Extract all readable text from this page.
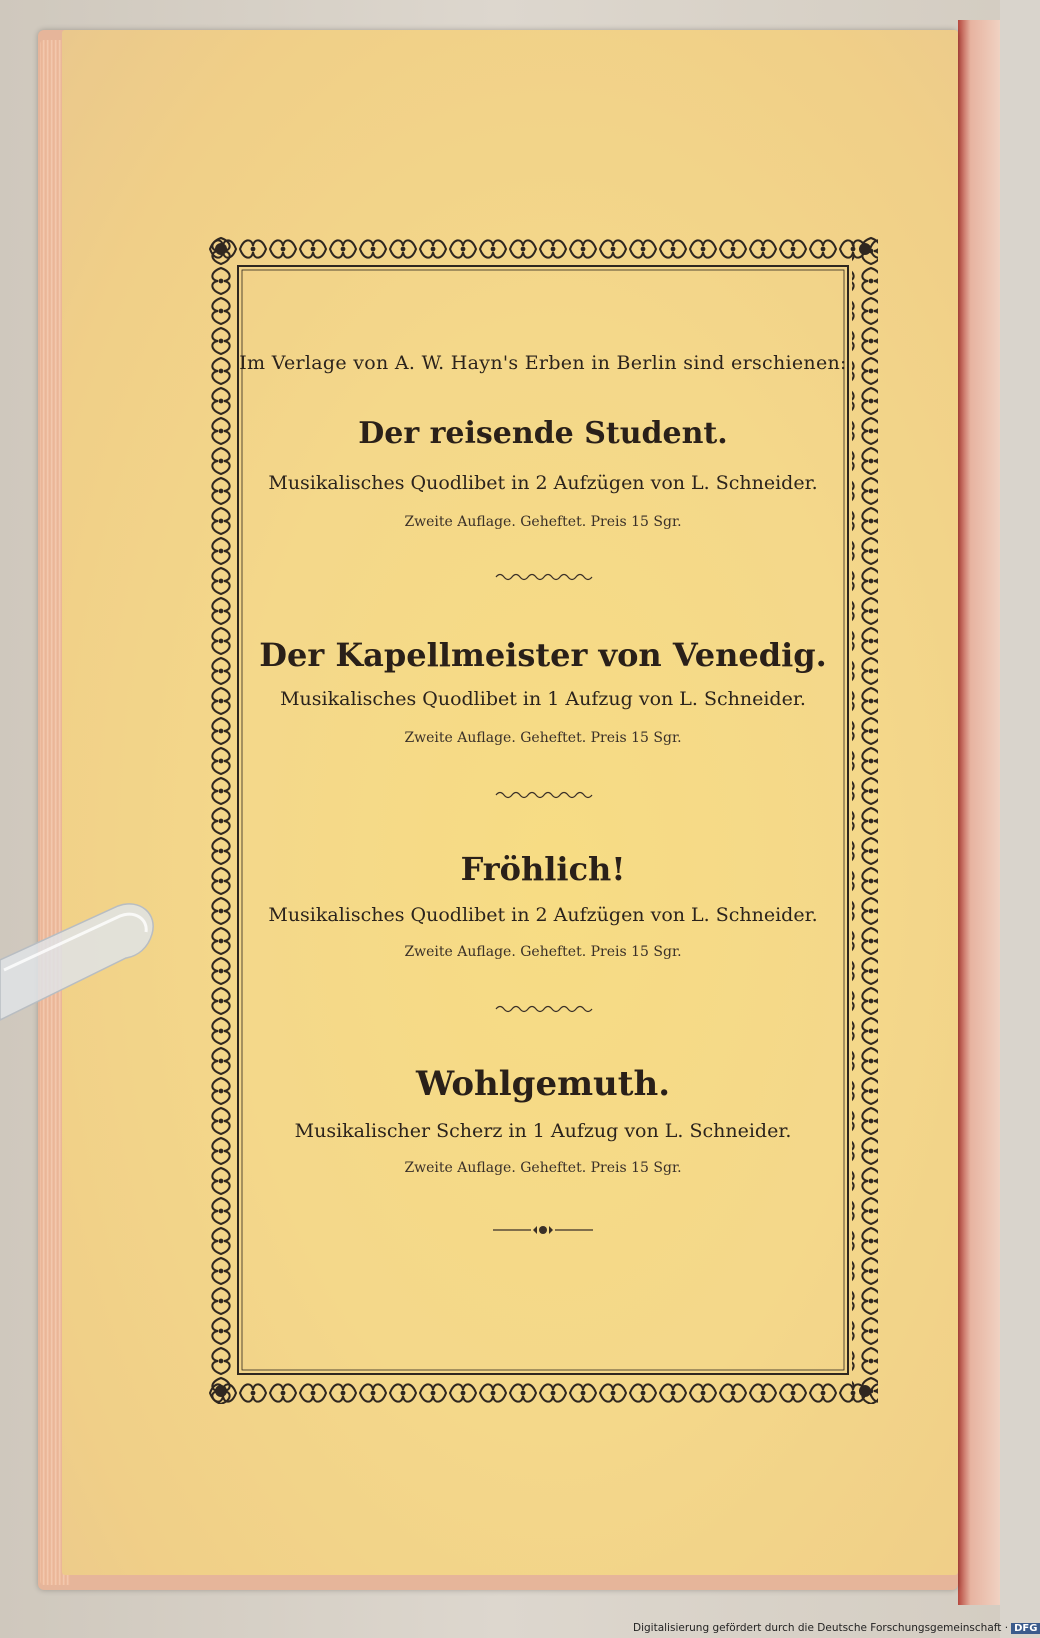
Im Verlage von A. W. Hayn's Erben in Berlin sind erschienen:
Der reisende Student.
Musikalisches Quodlibet in 2 Aufzügen von L. Schneider.
Zweite Auflage. Geheftet. Preis 15 Sgr.
Der Kapellmeister von Venedig.
Musikalisches Quodlibet in 1 Aufzug von L. Schneider.
Zweite Auflage. Geheftet. Preis 15 Sgr.
Fröhlich!
Musikalisches Quodlibet in 2 Aufzügen von L. Schneider.
Zweite Auflage. Geheftet. Preis 15 Sgr.
Wohlgemuth.
Musikalischer Scherz in 1 Aufzug von L. Schneider.
Zweite Auflage. Geheftet. Preis 15 Sgr.
Digitalisierung gefördert durch die Deutsche Forschungsgemeinschaft · DFG
